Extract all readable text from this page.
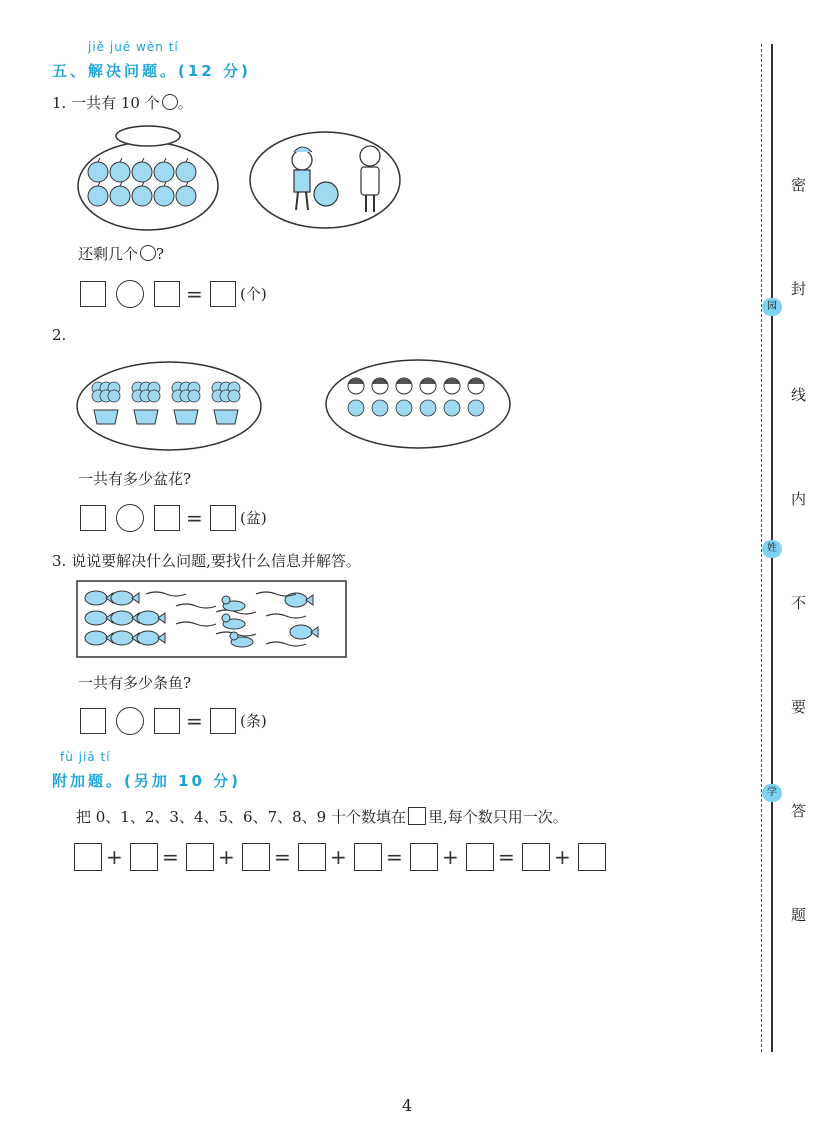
jiě jué wèn tí
五、解决问题。(12 分)
1. 一共有 10 个 。
还剩几个 ?
= (个)
2.
一共有多少盆花?
= (盆)
3. 说说要解决什么问题,要找什么信息并解答。
一共有多少条鱼?
= (条)
fù jiā tí
附加题。(另加 10 分)
把 0、1、2、3、4、5、6、7、8、9 十个数填在 里,每个数只用一次。
+ = + = + = + = +
密
封
线
内
不
要
答
题
园
姓
学
4
